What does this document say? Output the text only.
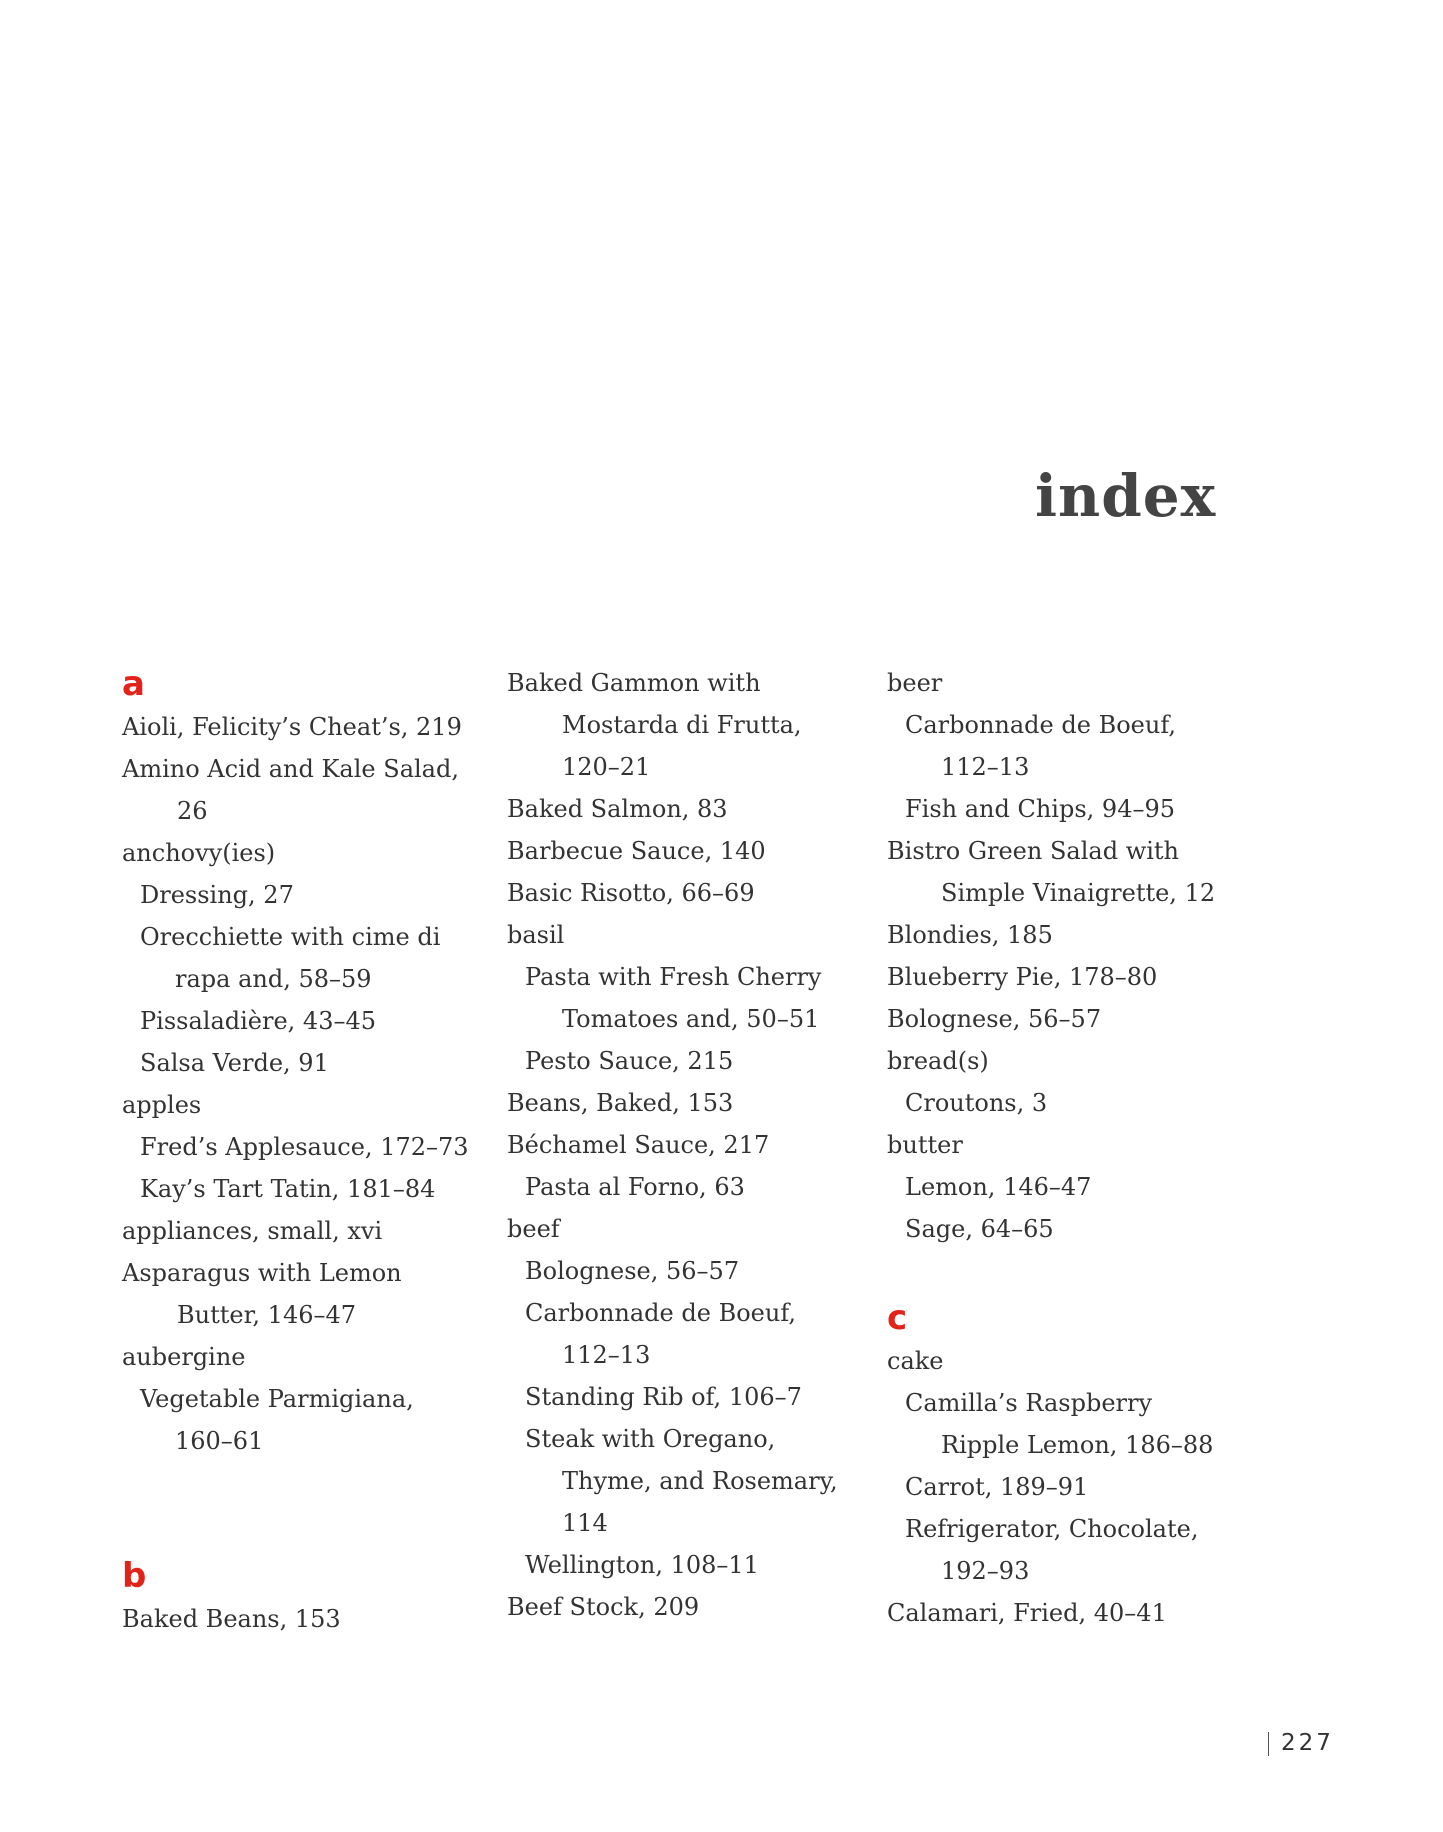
index
a
Aioli, Felicity’s Cheat’s, 219
Amino Acid and Kale Salad,
26
anchovy(ies)
Dressing, 27
Orecchiette with cime di
rapa and, 58–59
Pissaladière, 43–45
Salsa Verde, 91
apples
Fred’s Applesauce, 172–73
Kay’s Tart Tatin, 181–84
appliances, small, xvi
Asparagus with Lemon
Butter, 146–47
aubergine
Vegetable Parmigiana,
160–61
b
Baked Beans, 153
Baked Gammon with
Mostarda di Frutta,
120–21
Baked Salmon, 83
Barbecue Sauce, 140
Basic Risotto, 66–69
basil
Pasta with Fresh Cherry
Tomatoes and, 50–51
Pesto Sauce, 215
Beans, Baked, 153
Béchamel Sauce, 217
Pasta al Forno, 63
beef
Bolognese, 56–57
Carbonnade de Boeuf,
112–13
Standing Rib of, 106–7
Steak with Oregano,
Thyme, and Rosemary,
114
Wellington, 108–11
Beef Stock, 209
beer
Carbonnade de Boeuf,
112–13
Fish and Chips, 94–95
Bistro Green Salad with
Simple Vinaigrette, 12
Blondies, 185
Blueberry Pie, 178–80
Bolognese, 56–57
bread(s)
Croutons, 3
butter
Lemon, 146–47
Sage, 64–65
c
cake
Camilla’s Raspberry
Ripple Lemon, 186–88
Carrot, 189–91
Refrigerator, Chocolate,
192–93
Calamari, Fried, 40–41
227
